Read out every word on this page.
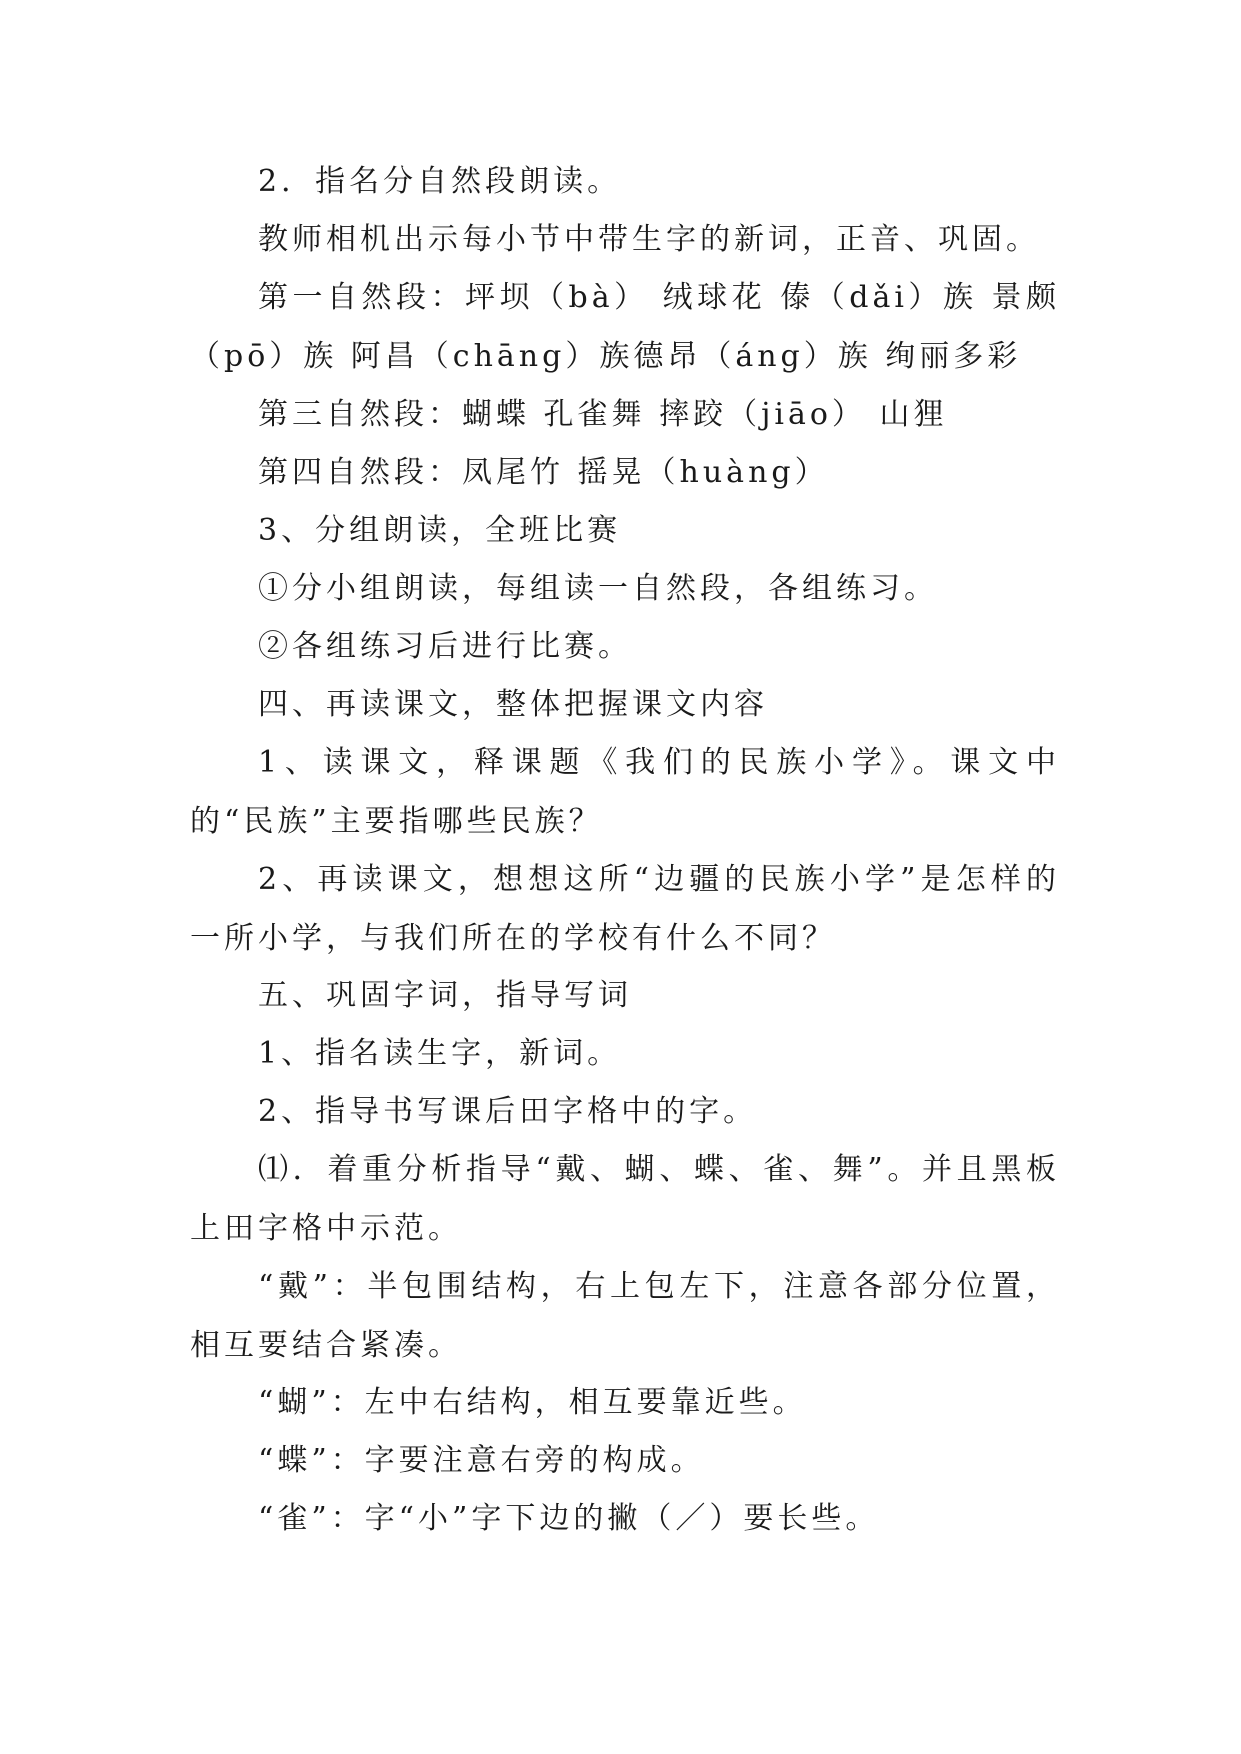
2．指名分自然段朗读。

教师相机出示每小节中带生字的新词，正音、巩固。

第一自然段：坪坝（bà） 绒球花 傣（dǎi）族 景颇（pō）族 阿昌（chāng）族德昂（áng）族 绚丽多彩

第三自然段：蝴蝶 孔雀舞 摔跤（jiāo） 山狸

第四自然段：凤尾竹 摇晃（huàng）

3、分组朗读，全班比赛

①分小组朗读，每组读一自然段，各组练习。

②各组练习后进行比赛。

四、再读课文，整体把握课文内容

1、读课文，释课题《我们的民族小学》。课文中的“民族”主要指哪些民族？

2、再读课文，想想这所“边疆的民族小学”是怎样的一所小学，与我们所在的学校有什么不同？

五、巩固字词，指导写词

1、指名读生字，新词。

2、指导书写课后田字格中的字。

⑴．着重分析指导“戴、蝴、蝶、雀、舞”。并且黑板上田字格中示范。

“戴”：半包围结构，右上包左下，注意各部分位置，相互要结合紧凑。

“蝴”：左中右结构，相互要靠近些。

“蝶”：字要注意右旁的构成。

“雀”：字“小”字下边的撇（／）要长些。
